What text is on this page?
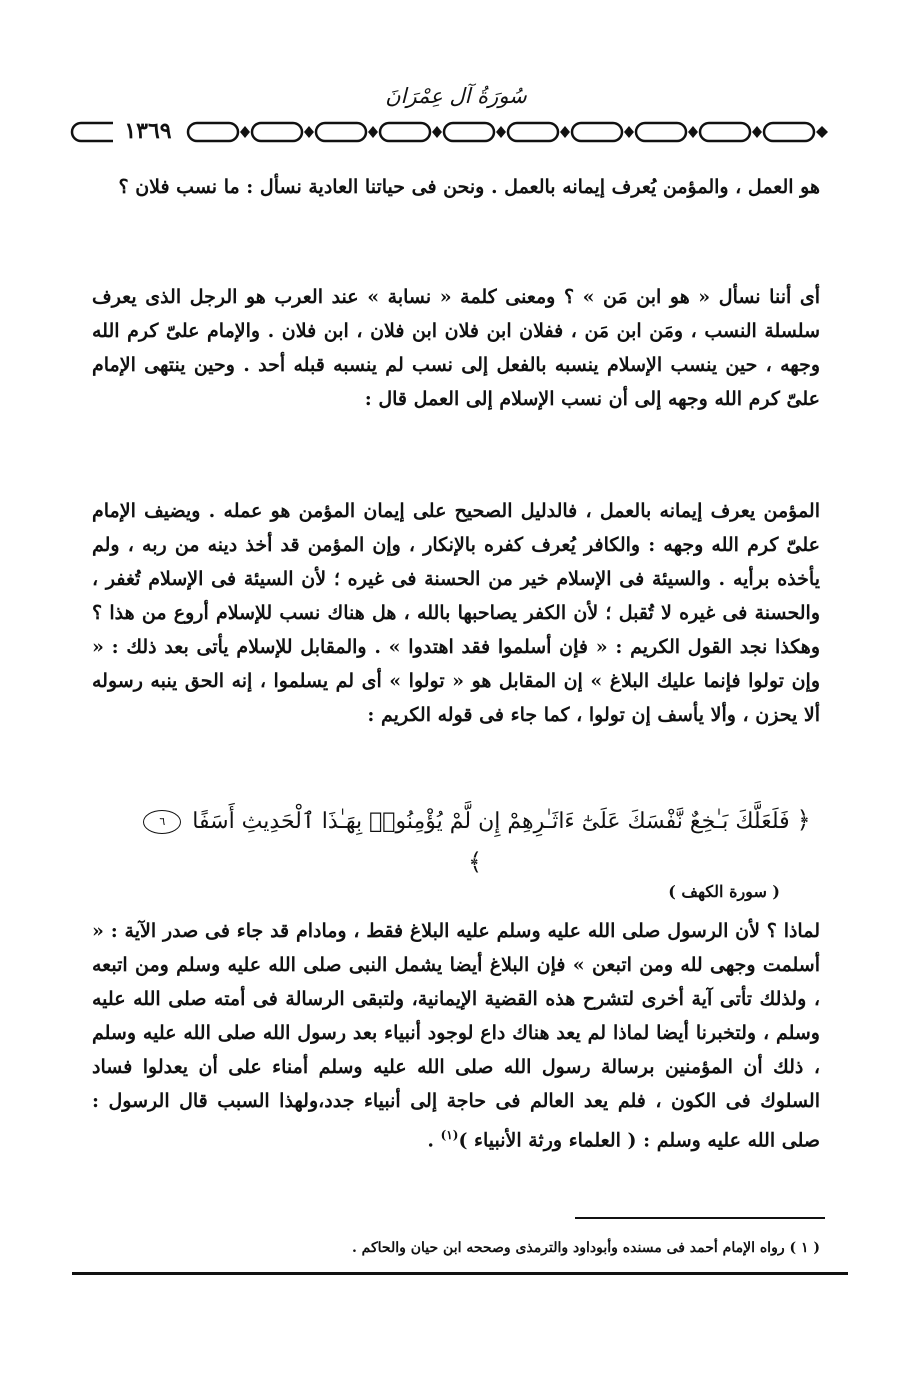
سُورَةُ آل عِمْرَانَ
١٣٦٩

هو العمل ، والمؤمن يُعرف إيمانه بالعمل . ونحن فى حياتنا العادية نسأل : ما نسب فلان ؟

أى أننا نسأل « هو ابن مَن » ؟ ومعنى كلمة « نسابة » عند العرب هو الرجل الذى يعرف سلسلة النسب ، ومَن ابن مَن ، ففلان ابن فلان ابن فلان ، ابن فلان . والإمام علىّ كرم الله وجهه ، حين ينسب الإسلام ينسبه بالفعل إلى نسب لم ينسبه قبله أحد . وحين ينتهى الإمام علىّ كرم الله وجهه إلى أن نسب الإسلام إلى العمل قال :

المؤمن يعرف إيمانه بالعمل ، فالدليل الصحيح على إيمان المؤمن هو عمله . ويضيف الإمام علىّ كرم الله وجهه : والكافر يُعرف كفره بالإنكار ، وإن المؤمن قد أخذ دينه من ربه ، ولم يأخذه برأيه . والسيئة فى الإسلام خير من الحسنة فى غيره ؛ لأن السيئة فى الإسلام تُغفر ، والحسنة فى غيره لا تُقبل ؛ لأن الكفر يصاحبها بالله ، هل هناك نسب للإسلام أروع من هذا ؟ وهكذا نجد القول الكريم : « فإن أسلموا فقد اهتدوا » . والمقابل للإسلام يأتى بعد ذلك : « وإن تولوا فإنما عليك البلاغ » إن المقابل هو « تولوا » أى لم يسلموا ، إنه الحق ينبه رسوله ألا يحزن ، وألا يأسف إن تولوا ، كما جاء فى قوله الكريم :

﴿ فَلَعَلَّكَ بَـٰخِعٌ نَّفْسَكَ عَلَىٰٓ ءَاثَـٰرِهِمْ إِن لَّمْ يُؤْمِنُوا۟ بِهَـٰذَا ٱلْحَدِيثِ أَسَفًا ٦ ﴾
( سورة الكهف )

لماذا ؟ لأن الرسول صلى الله عليه وسلم عليه البلاغ فقط ، ومادام قد جاء فى صدر الآية : « أسلمت وجهى لله ومن اتبعن » فإن البلاغ أيضا يشمل النبى صلى الله عليه وسلم ومن اتبعه ، ولذلك تأتى آية أخرى لتشرح هذه القضية الإيمانية، ولتبقى الرسالة فى أمته صلى الله عليه وسلم ، ولتخبرنا أيضا لماذا لم يعد هناك داع لوجود أنبياء بعد رسول الله صلى الله عليه وسلم ، ذلك أن المؤمنين برسالة رسول الله صلى الله عليه وسلم أمناء على أن يعدلوا فساد السلوك فى الكون ، فلم يعد العالم فى حاجة إلى أنبياء جدد،ولهذا السبب قال الرسول : صلى الله عليه وسلم : ( العلماء ورثة الأنبياء )$^{(١)}$ .

( ١ ) رواه الإمام أحمد فى مسنده وأبوداود والترمذى وصححه ابن حيان والحاكم .
